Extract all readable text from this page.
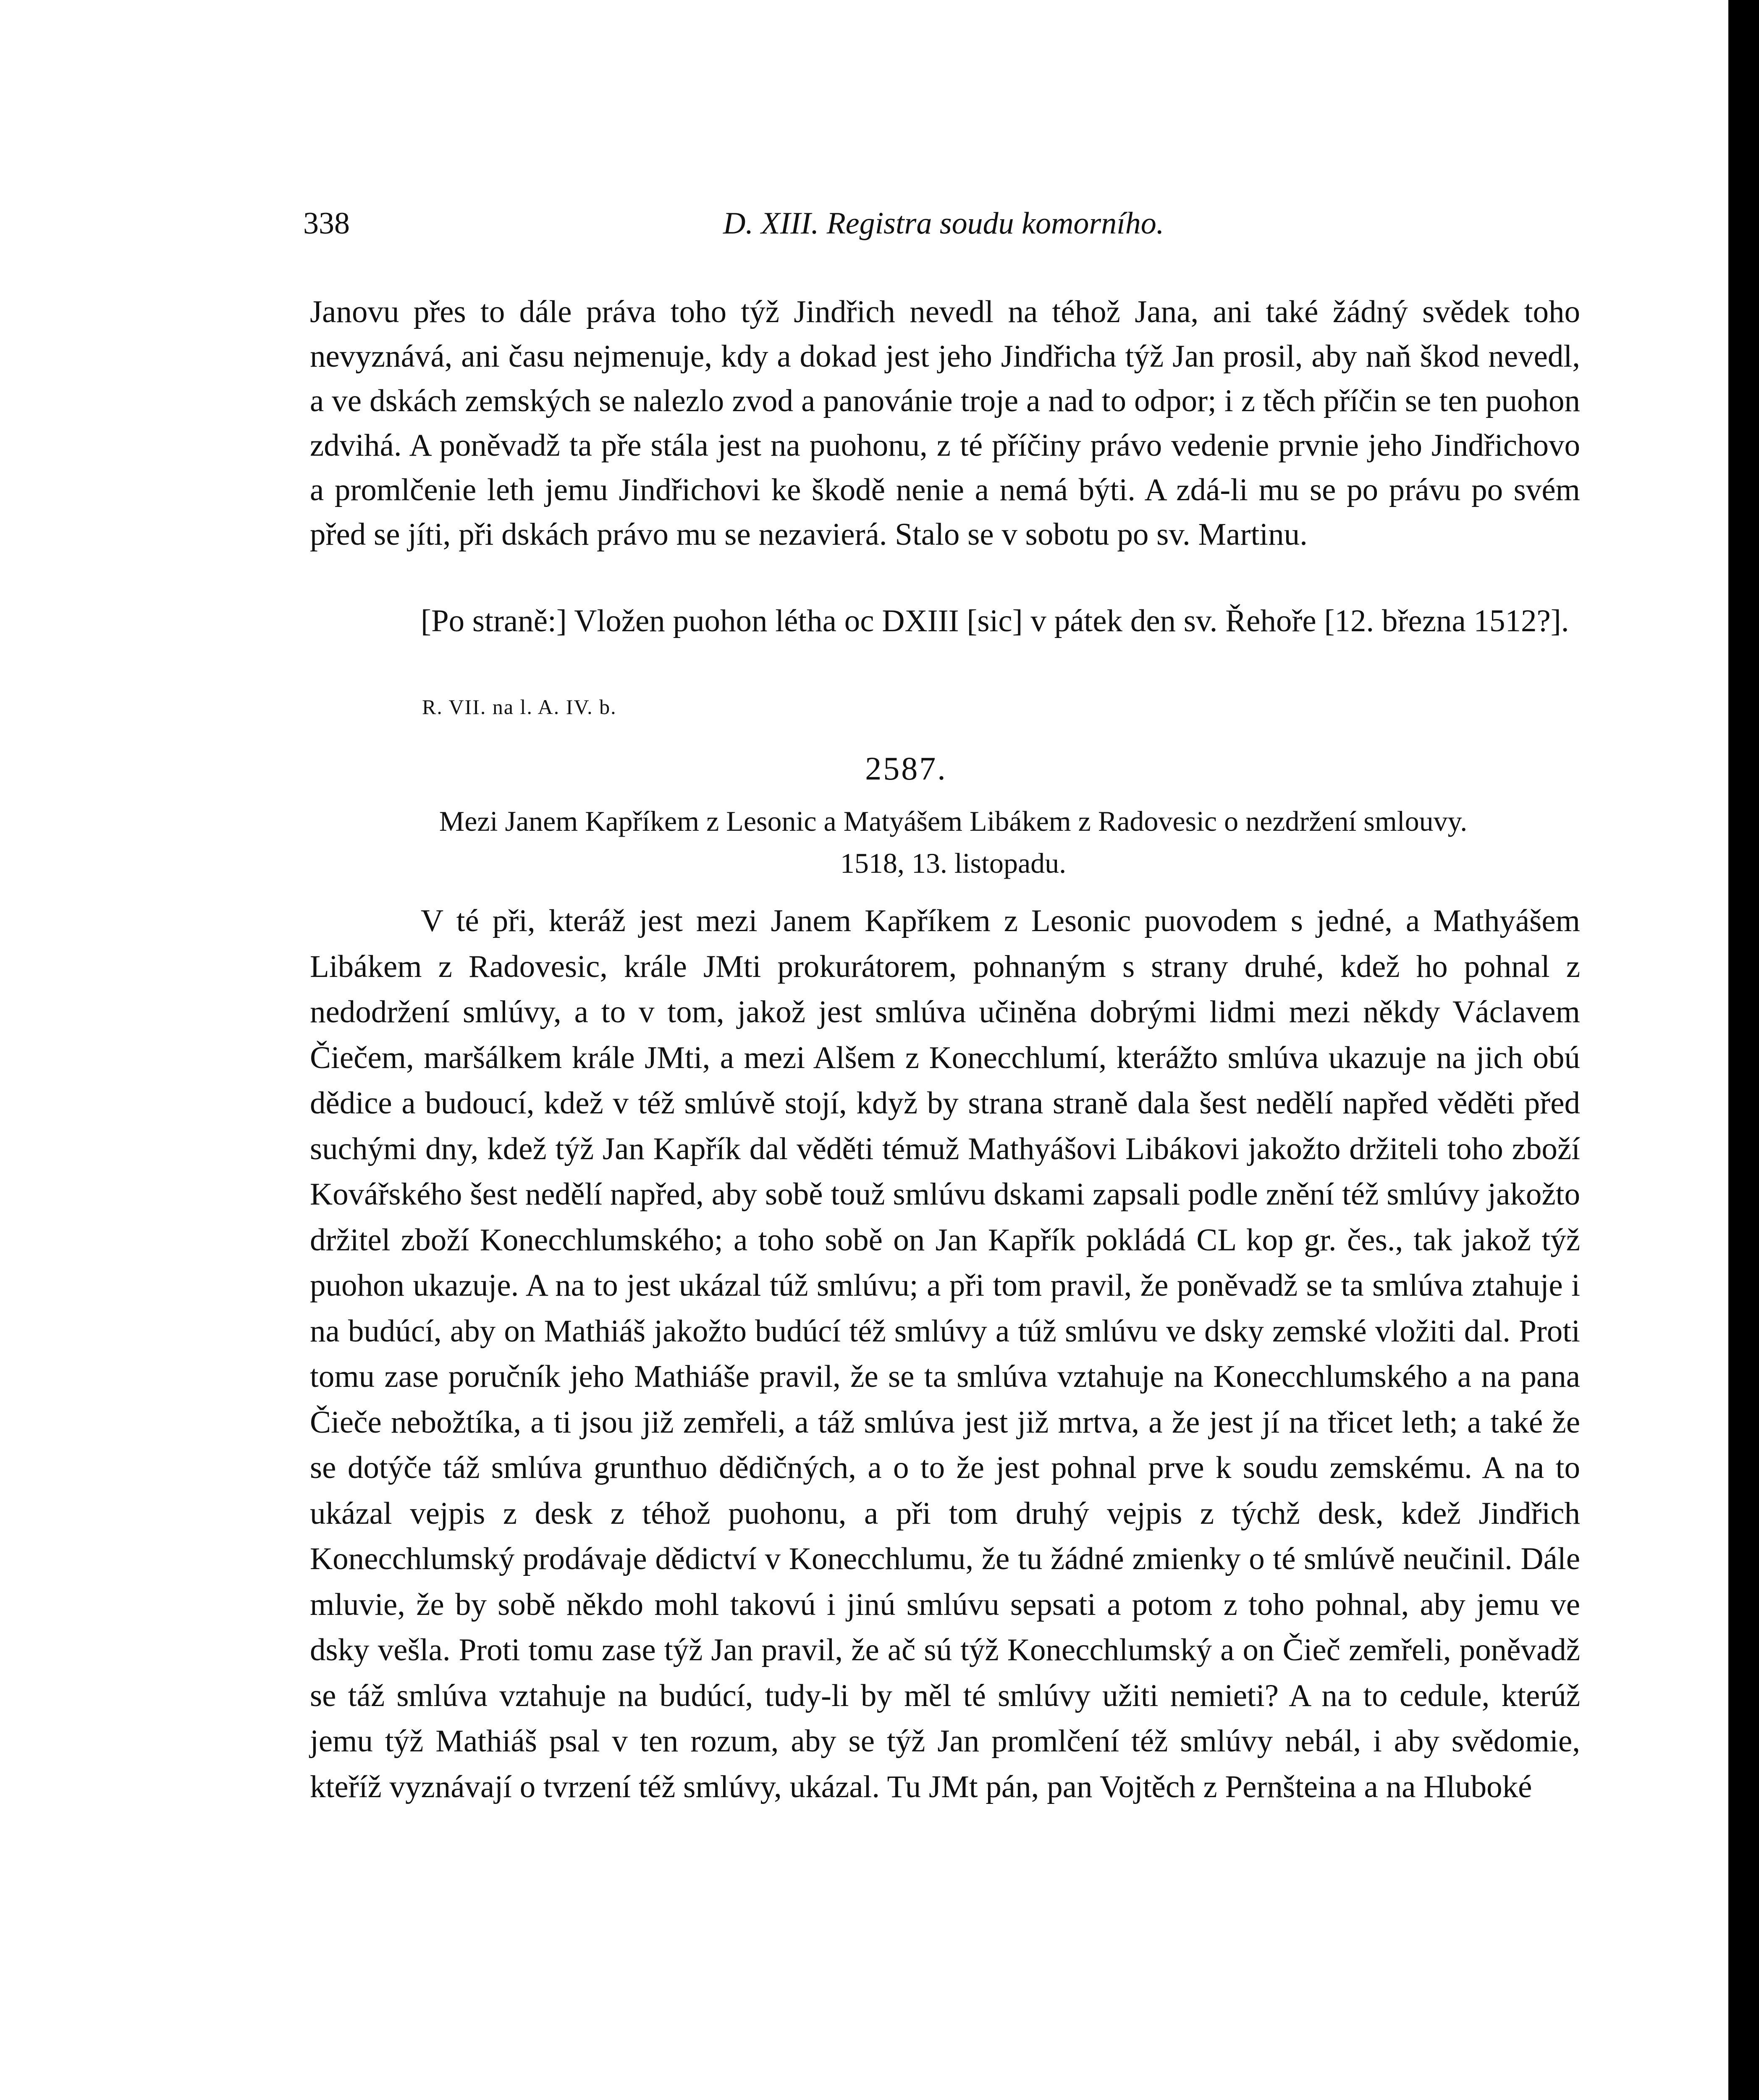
338	D. XIII. Registra soudu komorního.

Janovu přes to dále práva toho týž Jindřich nevedl na téhož Jana, ani také žádný svědek toho nevyznává, ani času nejmenuje, kdy a dokad jest jeho Jindřicha týž Jan prosil, aby naň škod nevedl, a ve dskách zemských se nalezlo zvod a panovánie troje a nad to odpor; i z těch příčin se ten puohon zdvihá. A poněvadž ta pře stála jest na puohonu, z té příčiny právo vedenie prvnie jeho Jindřichovo a promlčenie leth jemu Jindřichovi ke škodě nenie a nemá býti. A zdá-li mu se po právu po svém před se jíti, při dskách právo mu se nezavierá. Stalo se v sobotu po sv. Martinu.

[Po straně:] Vložen puohon létha oc DXIII [sic] v pátek den sv. Řehoře [12. března 1512?].

R. VII. na l. A. IV. b.
2587.
Mezi Janem Kapříkem z Lesonic a Matyášem Libákem z Radovesic o nezdržení smlouvy.
1518, 13. listopadu.

V té při, kteráž jest mezi Janem Kapříkem z Lesonic puovodem s jedné, a Mathyášem Libákem z Radovesic, krále JMti prokurátorem, pohnaným s strany druhé, kdež ho pohnal z nedodržení smlúvy, a to v tom, jakož jest smlúva učiněna dobrými lidmi mezi někdy Václavem Čiečem, maršálkem krále JMti, a mezi Alšem z Konecchlumí, kterážto smlúva ukazuje na jich obú dědice a budoucí, kdež v též smlúvě stojí, když by strana straně dala šest nedělí napřed věděti před suchými dny, kdež týž Jan Kapřík dal věděti témuž Mathyášovi Libákovi jakožto držiteli toho zboží Kovářského šest nedělí napřed, aby sobě touž smlúvu dskami zapsali podle znění též smlúvy jakožto držitel zboží Konecchlumského; a toho sobě on Jan Kapřík pokládá CL kop gr. čes., tak jakož týž puohon ukazuje. A na to jest ukázal túž smlúvu; a při tom pravil, že poněvadž se ta smlúva ztahuje i na budúcí, aby on Mathiáš jakožto budúcí též smlúvy a túž smlúvu ve dsky zemské vložiti dal. Proti tomu zase poručník jeho Mathiáše pravil, že se ta smlúva vztahuje na Konecchlumského a na pana Čieče nebožtíka, a ti jsou již zemřeli, a táž smlúva jest již mrtva, a že jest jí na třicet leth; a také že se dotýče táž smlúva grunthuo dědičných, a o to že jest pohnal prve k soudu zemskému. A na to ukázal vejpis z desk z téhož puohonu, a při tom druhý vejpis z týchž desk, kdež Jindřich Konecchlumský prodávaje dědictví v Konecchlumu, že tu žádné zmienky o té smlúvě neučinil. Dále mluvie, že by sobě někdo mohl takovú i jinú smlúvu sepsati a potom z toho pohnal, aby jemu ve dsky vešla. Proti tomu zase týž Jan pravil, že ač sú týž Konecchlumský a on Čieč zemřeli, poněvadž se táž smlúva vztahuje na budúcí, tudy-li by měl té smlúvy užiti nemieti? A na to cedule, kterúž jemu týž Mathiáš psal v ten rozum, aby se týž Jan promlčení též smlúvy nebál, i aby svědomie, kteříž vyznávají o tvrzení též smlúvy, ukázal. Tu JMt pán, pan Vojtěch z Pernšteina a na Hluboké
